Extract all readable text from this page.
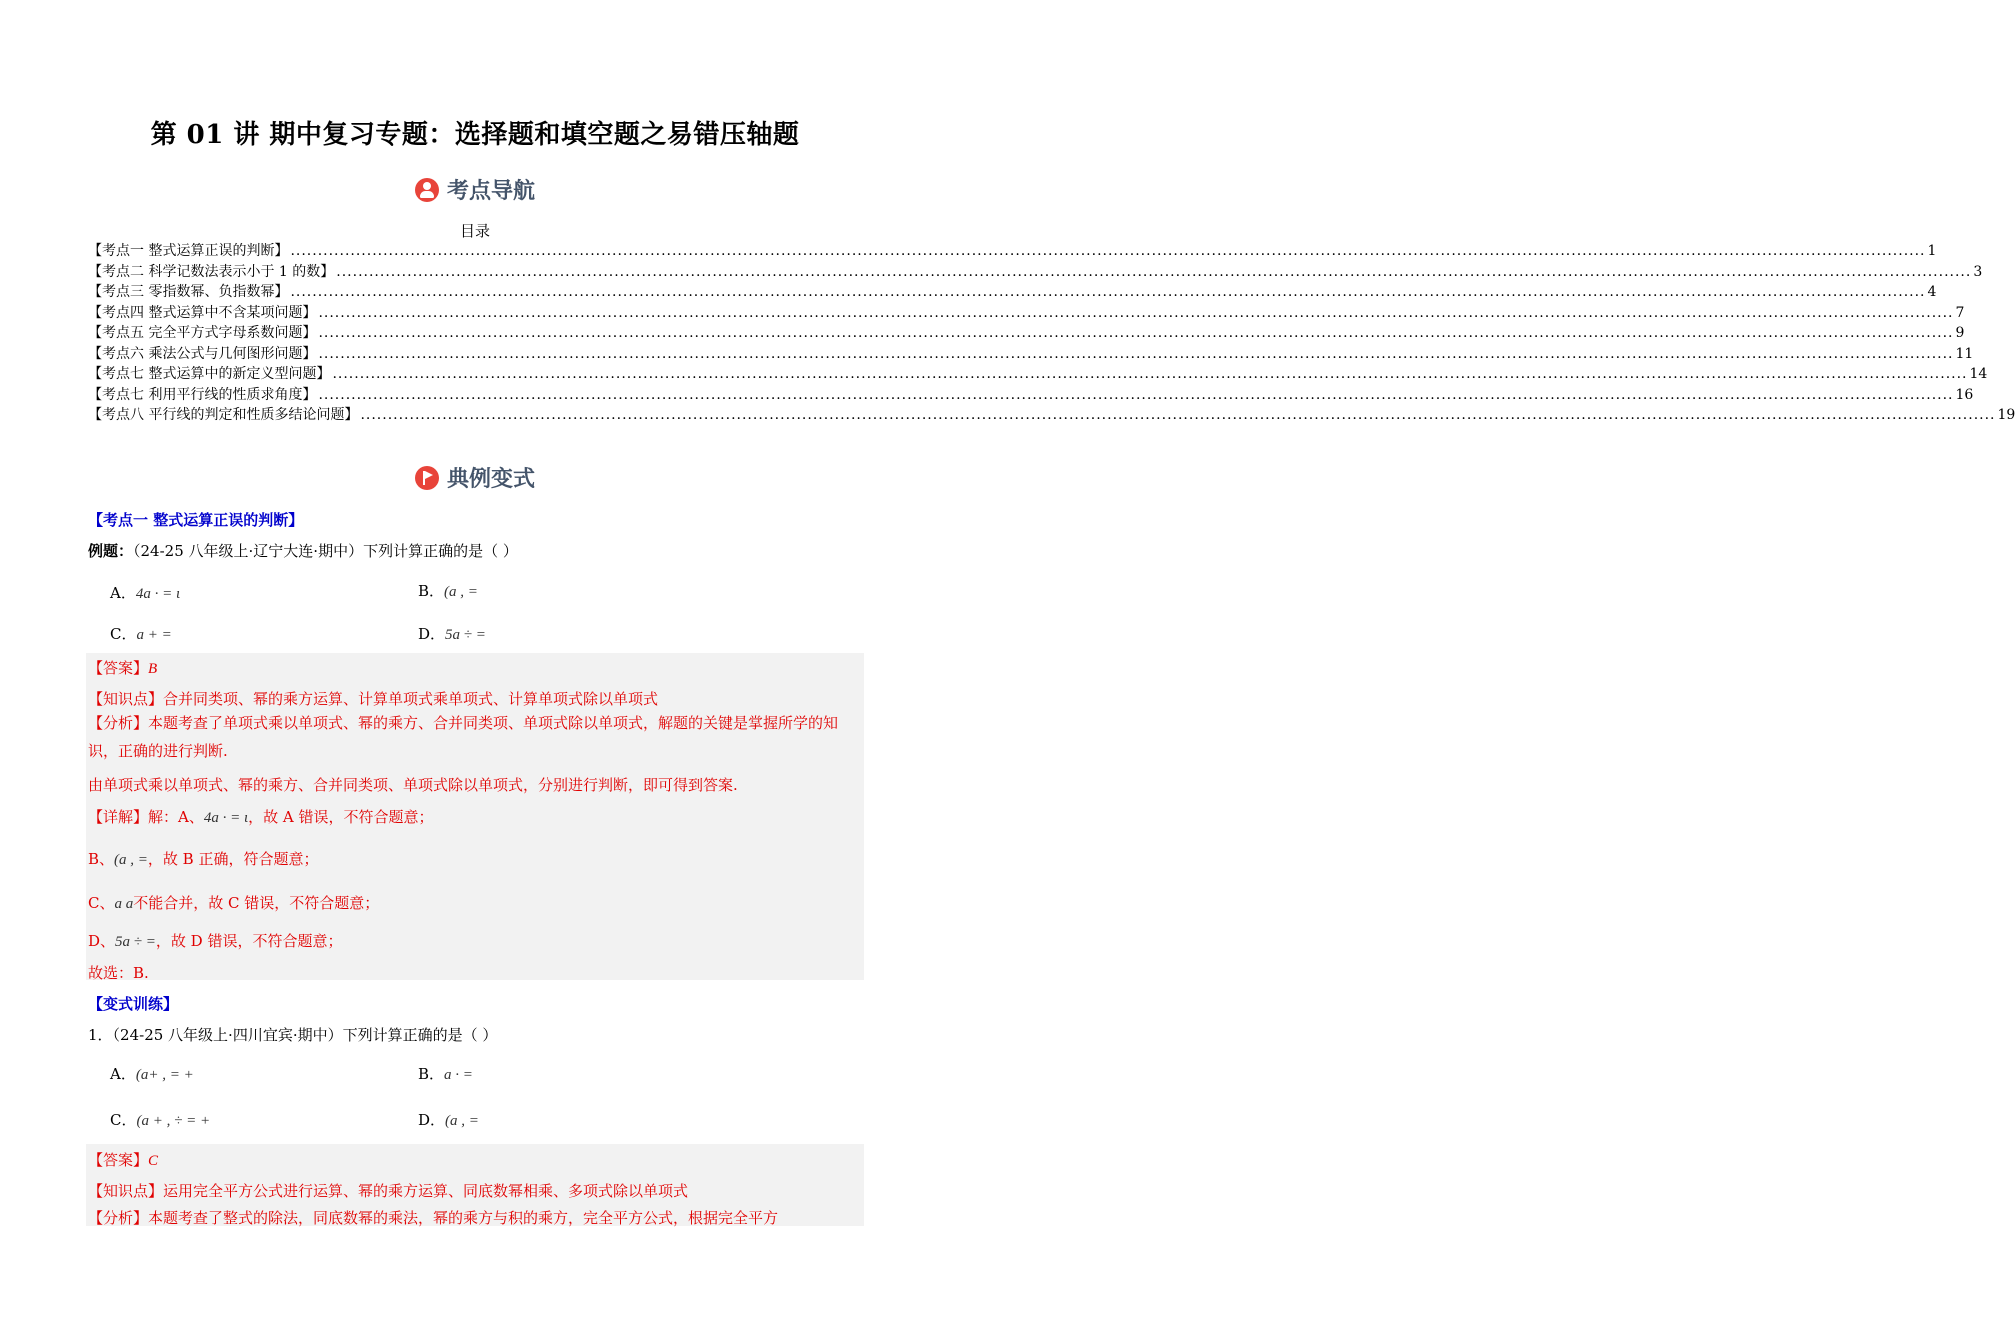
第 01 讲 期中复习专题：选择题和填空题之易错压轴题
考点导航
目录
【考点一 整式运算正误的判断】 ............................................................................................................................................................................................................................................................................................................ 1
【考点二 科学记数法表示小于 1 的数】 ............................................................................................................................................................................................................................................................................................................ 3
【考点三 零指数幂、负指数幂】 ............................................................................................................................................................................................................................................................................................................ 4
【考点四 整式运算中不含某项问题】 ............................................................................................................................................................................................................................................................................................................ 7
【考点五 完全平方式字母系数问题】 ............................................................................................................................................................................................................................................................................................................ 9
【考点六 乘法公式与几何图形问题】 ............................................................................................................................................................................................................................................................................................................ 11
【考点七 整式运算中的新定义型问题】 ............................................................................................................................................................................................................................................................................................................ 14
【考点七 利用平行线的性质求角度】 ............................................................................................................................................................................................................................................................................................................ 16
【考点八 平行线的判定和性质多结论问题】 ............................................................................................................................................................................................................................................................................................................ 19
典例变式
【考点一 整式运算正误的判断】
例题：（24-25 八年级上·辽宁大连·期中）下列计算正确的是（ ）
A．4a · = ι	B．(a , =
C．a + =	D．5a ÷ =
【答案】B
【知识点】合并同类项、幂的乘方运算、计算单项式乘单项式、计算单项式除以单项式
【分析】本题考查了单项式乘以单项式、幂的乘方、合并同类项、单项式除以单项式，解题的关键是掌握所学的知识，正确的进行判断.
由单项式乘以单项式、幂的乘方、合并同类项、单项式除以单项式，分别进行判断，即可得到答案.
【详解】解：A、4a · = ι，故 A 错误，不符合题意；
B、(a , =，故 B 正确，符合题意；
C、a a不能合并，故 C 错误，不符合题意；
D、5a ÷ =，故 D 错误，不符合题意；
故选：B.
【变式训练】
1．（24-25 八年级上·四川宜宾·期中）下列计算正确的是（ ）
A．(a+ , = +	B．a · =
C．(a + , ÷ = +	D．(a , =
【答案】C
【知识点】运用完全平方公式进行运算、幂的乘方运算、同底数幂相乘、多项式除以单项式
【分析】本题考查了整式的除法，同底数幂的乘法，幂的乘方与积的乘方，完全平方公式，根据完全平方
